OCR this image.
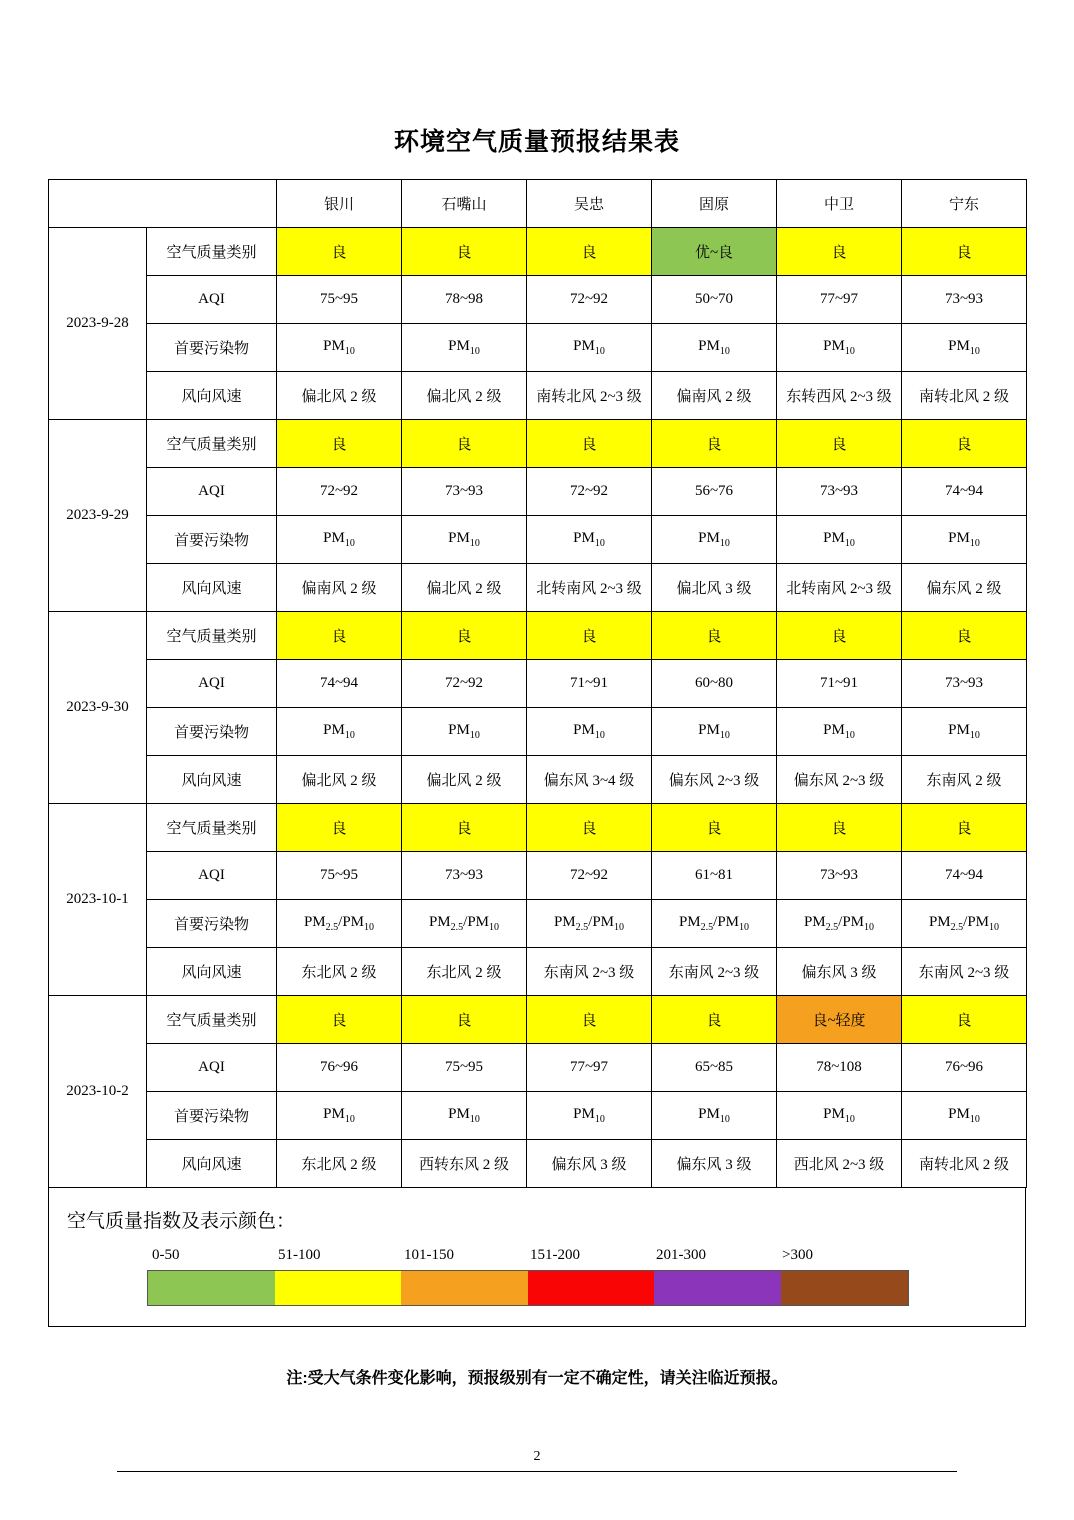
环境空气质量预报结果表
		银川	石嘴山	吴忠	固原	中卫	宁东
2023-9-28	空气质量类别	良	良	良	优~良	良	良
	AQI	75~95	78~98	72~92	50~70	77~97	73~93
	首要污染物	$PM_{10}$	$PM_{10}$	$PM_{10}$	$PM_{10}$	$PM_{10}$	$PM_{10}$
	风向风速	偏北风 2 级	偏北风 2 级	南转北风 2~3 级	偏南风 2 级	东转西风 2~3 级	南转北风 2 级
2023-9-29	空气质量类别	良	良	良	良	良	良
	AQI	72~92	73~93	72~92	56~76	73~93	74~94
	首要污染物	$PM_{10}$	$PM_{10}$	$PM_{10}$	$PM_{10}$	$PM_{10}$	$PM_{10}$
	风向风速	偏南风 2 级	偏北风 2 级	北转南风 2~3 级	偏北风 3 级	北转南风 2~3 级	偏东风 2 级
2023-9-30	空气质量类别	良	良	良	良	良	良
	AQI	74~94	72~92	71~91	60~80	71~91	73~93
	首要污染物	$PM_{10}$	$PM_{10}$	$PM_{10}$	$PM_{10}$	$PM_{10}$	$PM_{10}$
	风向风速	偏北风 2 级	偏北风 2 级	偏东风 3~4 级	偏东风 2~3 级	偏东风 2~3 级	东南风 2 级
2023-10-1	空气质量类别	良	良	良	良	良	良
	AQI	75~95	73~93	72~92	61~81	73~93	74~94
	首要污染物	$PM_{2.5}/PM_{10}$	$PM_{2.5}/PM_{10}$	$PM_{2.5}/PM_{10}$	$PM_{2.5}/PM_{10}$	$PM_{2.5}/PM_{10}$	$PM_{2.5}/PM_{10}$
	风向风速	东北风 2 级	东北风 2 级	东南风 2~3 级	东南风 2~3 级	偏东风 3 级	东南风 2~3 级
2023-10-2	空气质量类别	良	良	良	良	良~轻度	良
	AQI	76~96	75~95	77~97	65~85	78~108	76~96
	首要污染物	$PM_{10}$	$PM_{10}$	$PM_{10}$	$PM_{10}$	$PM_{10}$	$PM_{10}$
	风向风速	东北风 2 级	西转东风 2 级	偏东风 3 级	偏东风 3 级	西北风 2~3 级	南转北风 2 级
空气质量指数及表示颜色：
0-50	51-100	101-150	151-200	201-300	>300
注:受大气条件变化影响，预报级别有一定不确定性，请关注临近预报。
2
